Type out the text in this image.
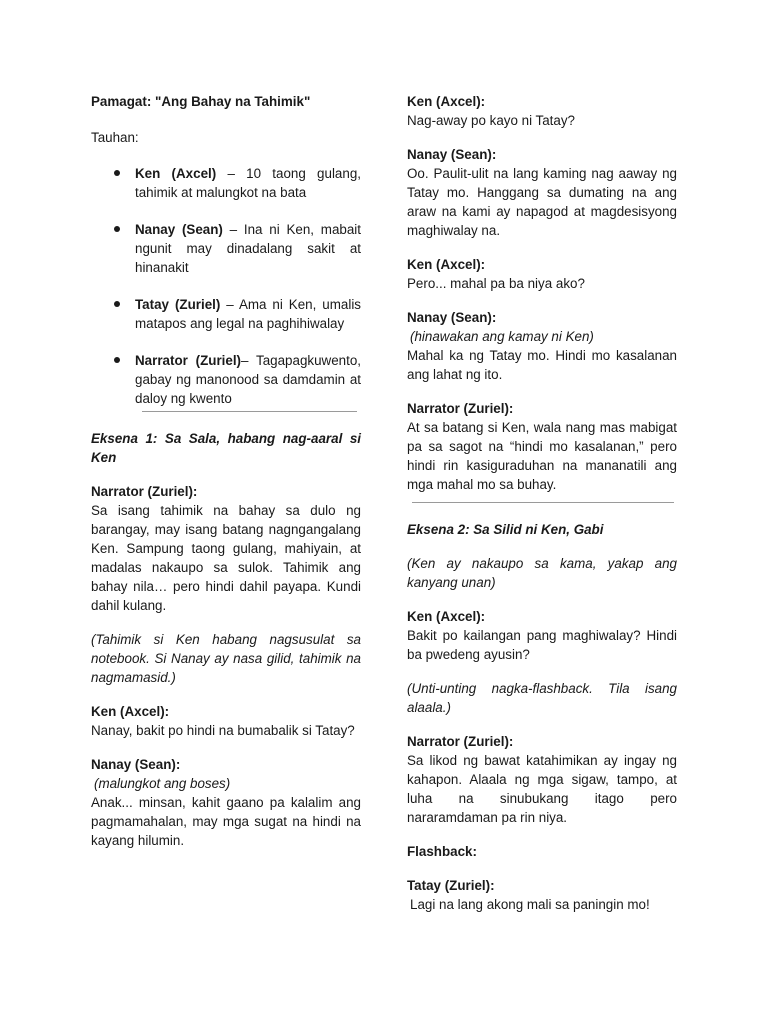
Pamagat: "Ang Bahay na Tahimik"

Tauhan:

Ken (Axcel) – 10 taong gulang, tahimik at malungkot na bata
Nanay (Sean) – Ina ni Ken, mabait ngunit may dinadalang sakit at hinanakit
Tatay (Zuriel) – Ama ni Ken, umalis matapos ang legal na paghihiwalay
Narrator (Zuriel)– Tagapagkuwento, gabay ng manonood sa damdamin at daloy ng kwento

Eksena 1: Sa Sala, habang nag-aaral si Ken

Narrator (Zuriel):

Sa isang tahimik na bahay sa dulo ng barangay, may isang batang nagngangalang Ken. Sampung taong gulang, mahiyain, at madalas nakaupo sa sulok. Tahimik ang bahay nila… pero hindi dahil payapa. Kundi dahil kulang.

(Tahimik si Ken habang nagsusulat sa notebook. Si Nanay ay nasa gilid, tahimik na nagmamasid.)

Ken (Axcel):

Nanay, bakit po hindi na bumabalik si Tatay?

Nanay (Sean):

(malungkot ang boses)

Anak... minsan, kahit gaano pa kalalim ang pagmamahalan, may mga sugat na hindi na kayang hilumin.

Ken (Axcel):

Nag-away po kayo ni Tatay?

Nanay (Sean):

Oo. Paulit-ulit na lang kaming nag aaway ng Tatay mo. Hanggang sa dumating na ang araw na kami ay napagod at magdesisyong maghiwalay na.

Ken (Axcel):

Pero... mahal pa ba niya ako?

Nanay (Sean):

(hinawakan ang kamay ni Ken)

Mahal ka ng Tatay mo. Hindi mo kasalanan ang lahat ng ito.

Narrator (Zuriel):

At sa batang si Ken, wala nang mas mabigat pa sa sagot na “hindi mo kasalanan,” pero hindi rin kasiguraduhan na mananatili ang mga mahal mo sa buhay.

Eksena 2: Sa Silid ni Ken, Gabi

(Ken ay nakaupo sa kama, yakap ang kanyang unan)

Ken (Axcel):

Bakit po kailangan pang maghiwalay? Hindi ba pwedeng ayusin?

(Unti-unting nagka-flashback. Tila isang alaala.)

Narrator (Zuriel):

Sa likod ng bawat katahimikan ay ingay ng kahapon. Alaala ng mga sigaw, tampo, at luha na sinubukang itago pero nararamdaman pa rin niya.

Flashback:

Tatay (Zuriel):

Lagi na lang akong mali sa paningin mo!
